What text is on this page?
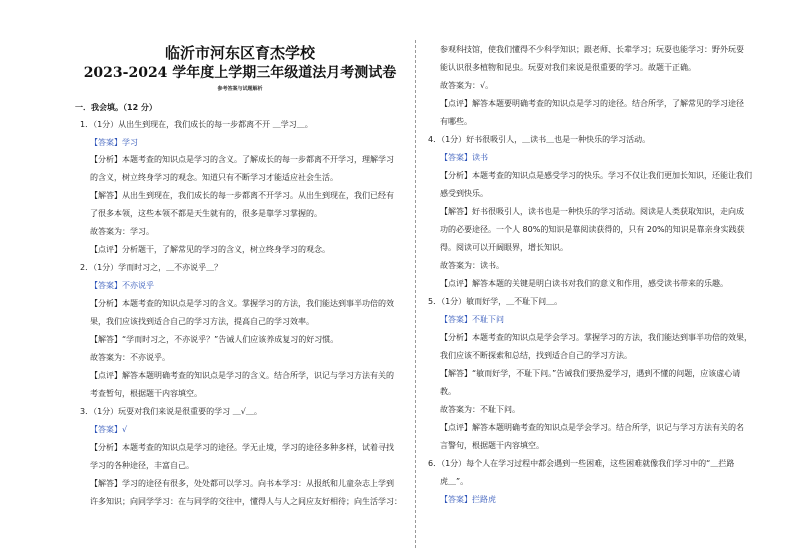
临沂市河东区育杰学校
2023-2024 学年度上学期三年级道法月考测试卷
参考答案与试题解析
一．我会填。（12 分）
1．（1分）从出生到现在，我们成长的每一步都离不开 ＿学习＿。
【答案】学习
【分析】本题考查的知识点是学习的含义。了解成长的每一步都离不开学习，理解学习
的含义，树立终身学习的观念。知道只有不断学习才能适应社会生活。
【解答】从出生到现在，我们成长的每一步都离不开学习。从出生到现在，我们已经有
了很多本领，这些本领不都是天生就有的，很多是靠学习掌握的。
故答案为：学习。
【点评】分析题干，了解常见的学习的含义，树立终身学习的观念。
2．（1分）学而时习之，＿不亦说乎＿？
【答案】不亦说乎
【分析】本题考查的知识点是学习的含义。掌握学习的方法，我们能达到事半功倍的效
果，我们应该找到适合自己的学习方法，提高自己的学习效率。
【解答】“学而时习之，不亦说乎？”告诫人们应该养成复习的好习惯。
故答案为：不亦说乎。
【点评】解答本题明确考查的知识点是学习的含义。结合所学，识记与学习方法有关的
考查暂句，根据题干内容填空。
3．（1分）玩耍对我们来说是很重要的学习 ＿√＿。
【答案】√
【分析】本题考查的知识点是学习的途径。学无止境，学习的途径多种多样，试着寻找
学习的各种途径，丰富自己。
【解答】学习的途径有很多，处处都可以学习。向书本学习：从报纸和儿童杂志上学到
许多知识；向同学学习：在与同学的交往中，懂得人与人之间应友好相待；向生活学习：
参观科技馆，使我们懂得不少科学知识；跟老师、长辈学习；玩耍也能学习：野外玩耍
能认识很多植物和昆虫。玩耍对我们来说是很重要的学习。故题干正确。
故答案为：√。
【点评】解答本题要明确考查的知识点是学习的途径。结合所学，了解常见的学习途径
有哪些。
4．（1分）好书很吸引人，＿读书＿也是一种快乐的学习活动。
【答案】读书
【分析】本题考查的知识点是感受学习的快乐。学习不仅让我们更加长知识，还能让我们
感受到快乐。
【解答】好书很吸引人，读书也是一种快乐的学习活动。阅读是人类获取知识，走向成
功的必要途径。一个人 80%的知识是靠阅读获得的，只有 20%的知识是靠亲身实践获
得。阅读可以开阔眼界，增长知识。
故答案为：读书。
【点评】解答本题的关键是明白读书对我们的意义和作用，感受读书带来的乐趣。
5．（1分）敏而好学，＿不耻下问＿。
【答案】不耻下问
【分析】本题考查的知识点是学会学习。掌握学习的方法，我们能达到事半功倍的效果，
我们应该不断探索和总结，找到适合自己的学习方法。
【解答】“敏而好学，不耻下问。”告诫我们要热爱学习，遇到不懂的问题，应该虚心请
教。
故答案为：不耻下问。
【点评】解答本题明确考查的知识点是学会学习。结合所学，识记与学习方法有关的名
言警句，根据题干内容填空。
6．（1分）每个人在学习过程中都会遇到一些困难，这些困难就像我们学习中的“＿拦路
虎＿”。
【答案】拦路虎
